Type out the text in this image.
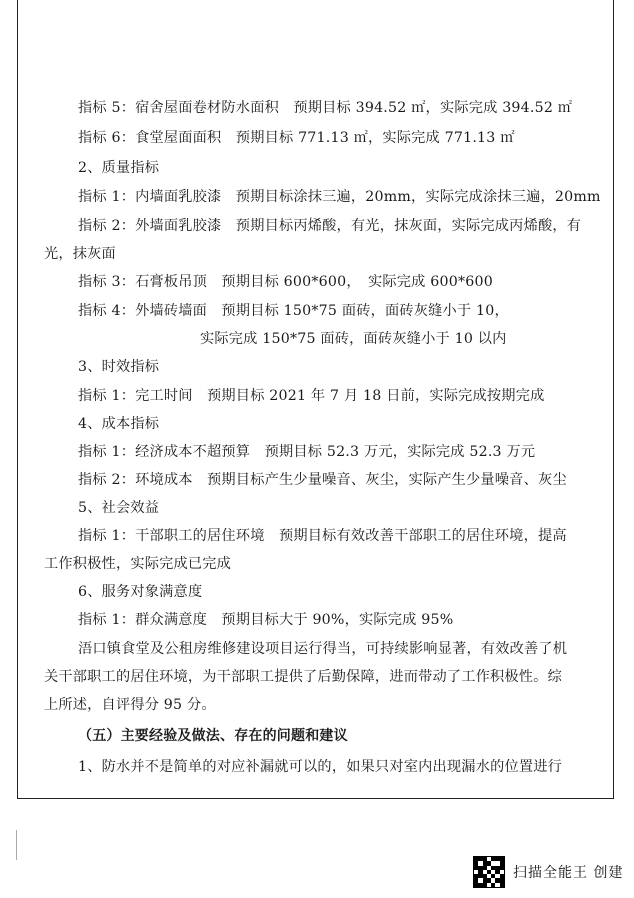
指标 5：宿舍屋面卷材防水面积　预期目标 394.52 ㎡，实际完成 394.52 ㎡
指标 6：食堂屋面面积　预期目标 771.13 ㎡，实际完成 771.13 ㎡
2、质量指标
指标 1：内墙面乳胶漆　预期目标涂抹三遍，20mm，实际完成涂抹三遍，20mm
指标 2：外墙面乳胶漆　预期目标丙烯酸，有光，抹灰面，实际完成丙烯酸，有
光，抹灰面
指标 3：石膏板吊顶　预期目标 600*600，　实际完成 600*600
指标 4：外墙砖墙面　预期目标 150*75 面砖，面砖灰缝小于 10，
实际完成 150*75 面砖，面砖灰缝小于 10 以内
3、时效指标
指标 1：完工时间　预期目标 2021 年 7 月 18 日前，实际完成按期完成
4、成本指标
指标 1：经济成本不超预算　预期目标 52.3 万元，实际完成 52.3 万元
指标 2：环境成本　预期目标产生少量噪音、灰尘，实际产生少量噪音、灰尘
5、社会效益
指标 1：干部职工的居住环境　预期目标有效改善干部职工的居住环境，提高
工作积极性，实际完成已完成
6、服务对象满意度
指标 1：群众满意度　预期目标大于 90%，实际完成 95%
浯口镇食堂及公租房维修建设项目运行得当，可持续影响显著，有效改善了机
关干部职工的居住环境，为干部职工提供了后勤保障，进而带动了工作积极性。综
上所述，自评得分 95 分。
（五）主要经验及做法、存在的问题和建议
1、防水并不是简单的对应补漏就可以的，如果只对室内出现漏水的位置进行
扫描全能王 创建
